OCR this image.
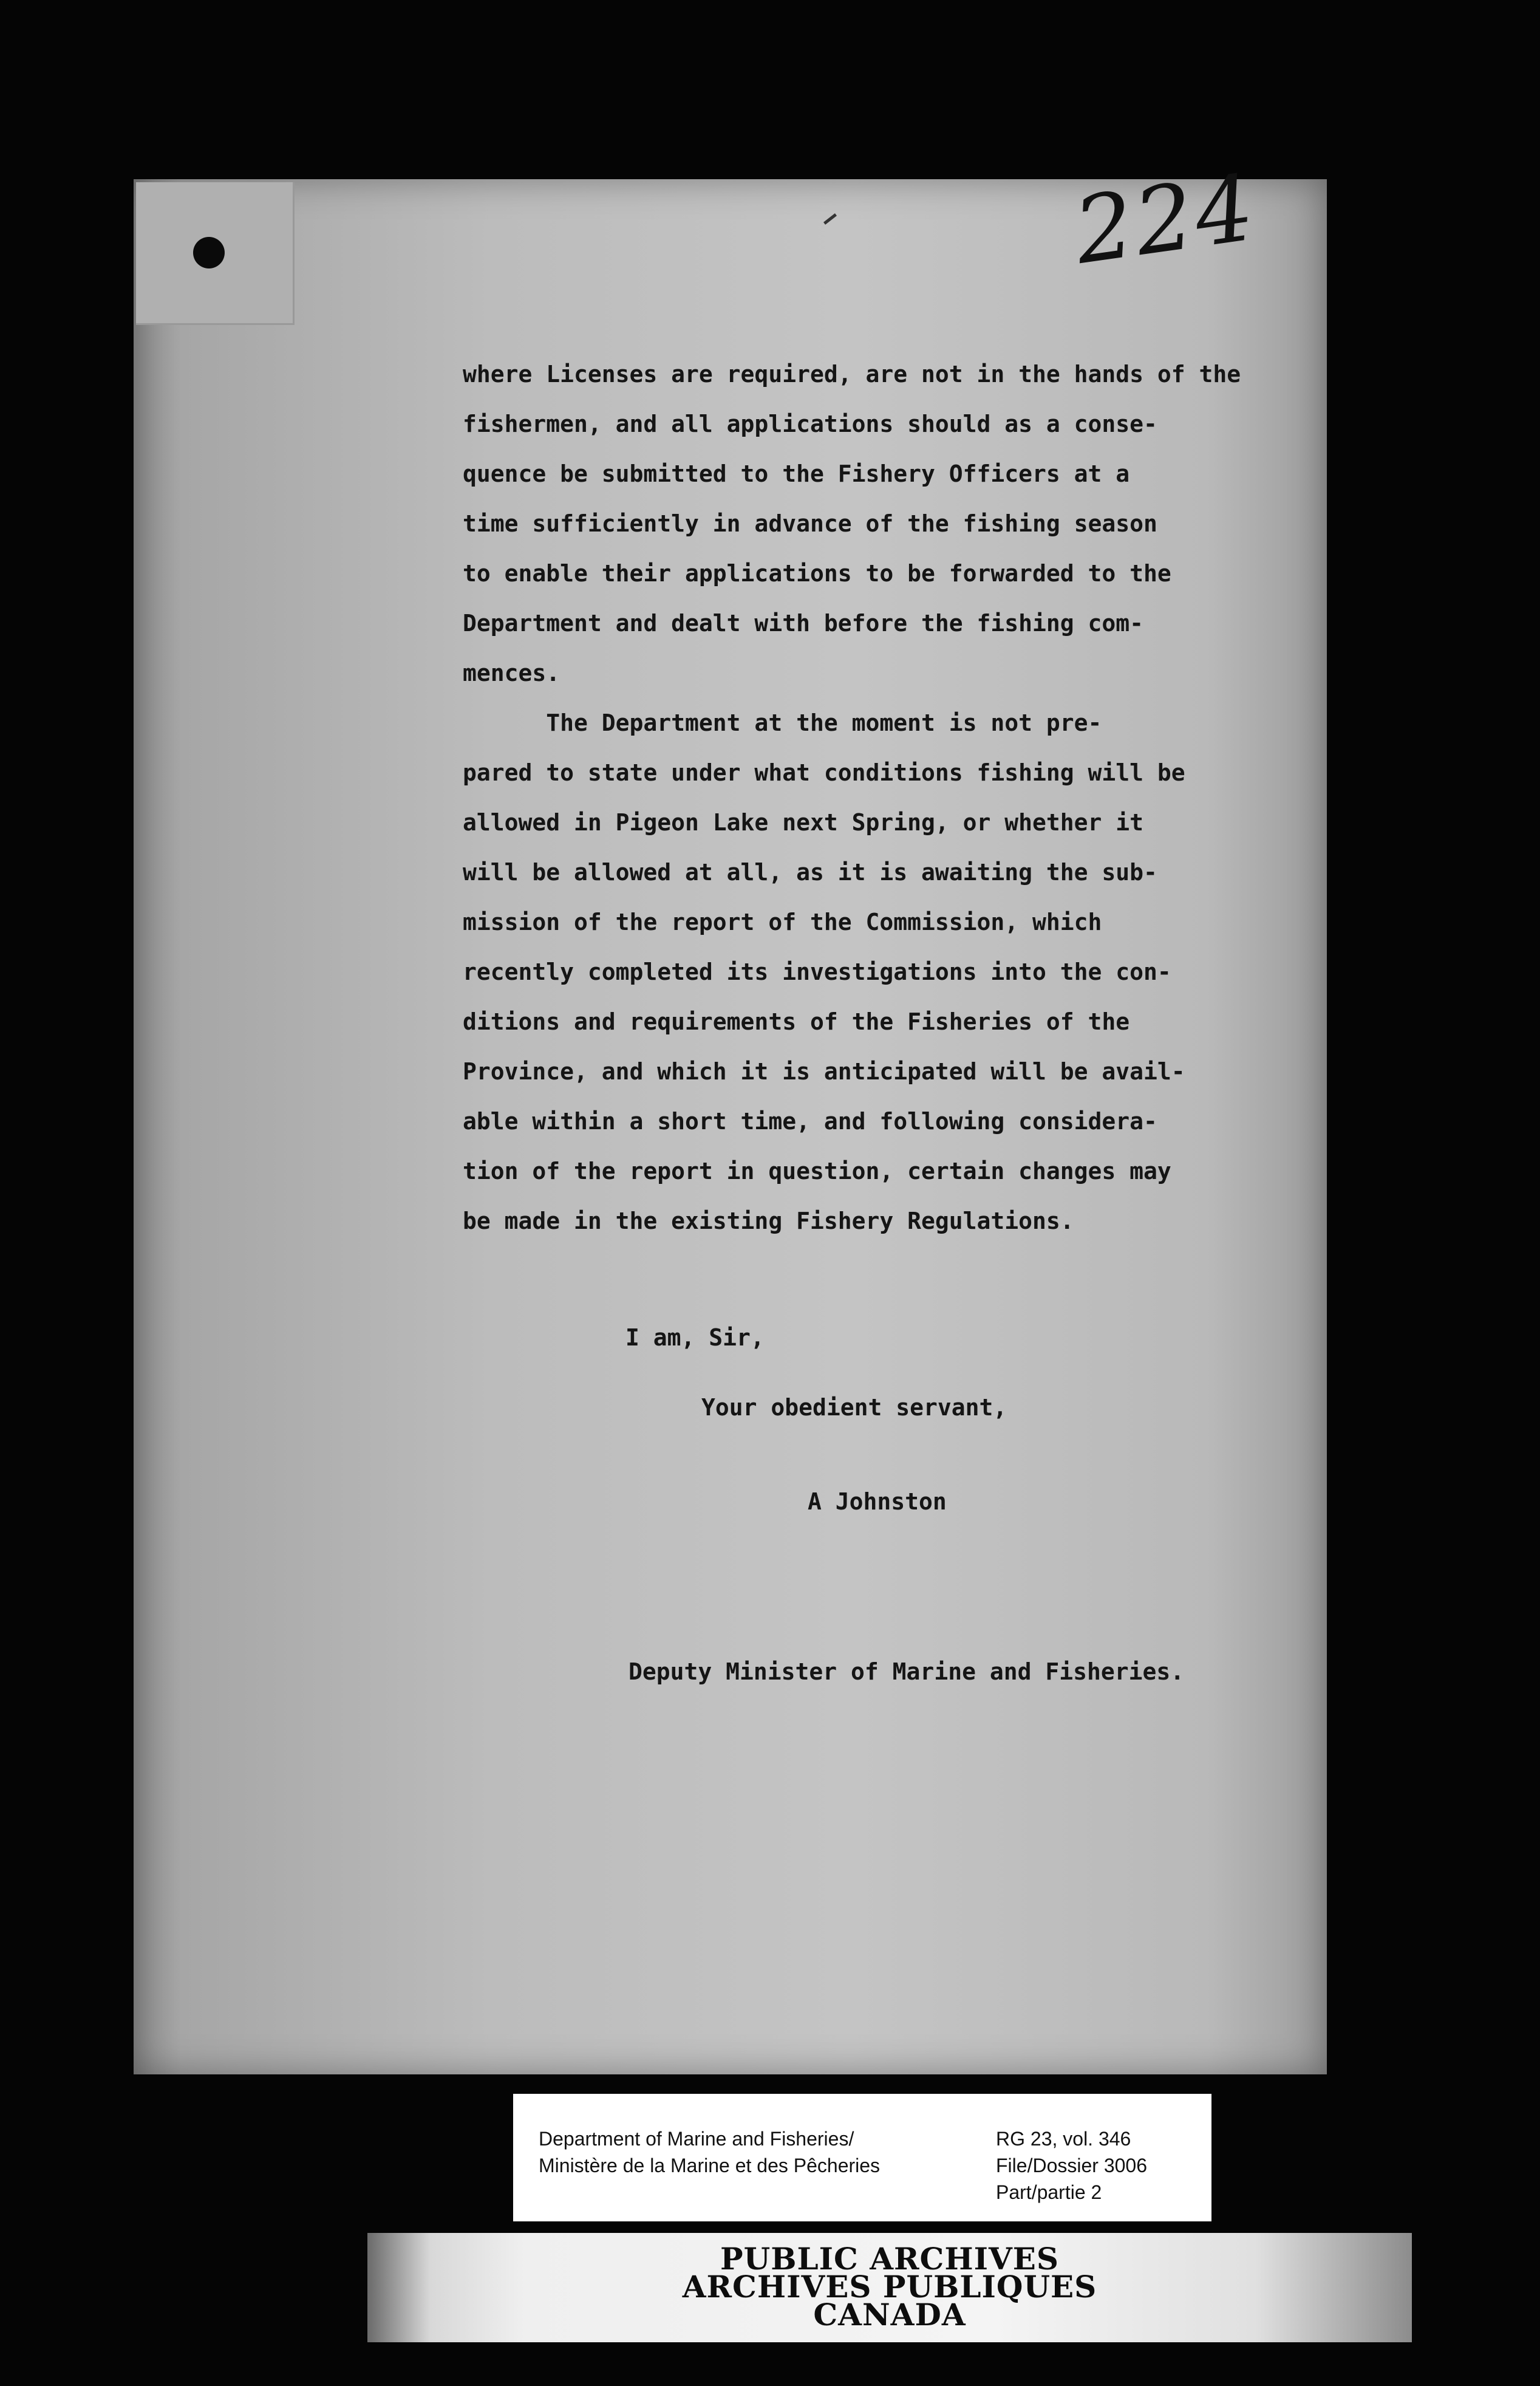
224
where Licenses are required, are not in the hands of the
fishermen, and all applications should as a conse-
quence be submitted to the Fishery Officers at a
time sufficiently in advance of the fishing season
to enable their applications to be forwarded to the
Department and dealt with before the fishing com-
mences.
The Department at the moment is not pre-
pared to state under what conditions fishing will be
allowed in Pigeon Lake next Spring, or whether it
will be allowed at all, as it is awaiting the sub-
mission of the report of the Commission, which
recently completed its investigations into the con-
ditions and requirements of the Fisheries of the
Province, and which it is anticipated will be avail-
able within a short time, and following considera-
tion of the report in question, certain changes may
be made in the existing Fishery Regulations.
I am, Sir,
Your obedient servant,
A Johnston
Deputy Minister of Marine and Fisheries.
Department of Marine and Fisheries/
Ministère de la Marine et des Pêcheries
RG 23, vol. 346
File/Dossier 3006
Part/partie 2
PUBLIC ARCHIVES
ARCHIVES PUBLIQUES
CANADA
